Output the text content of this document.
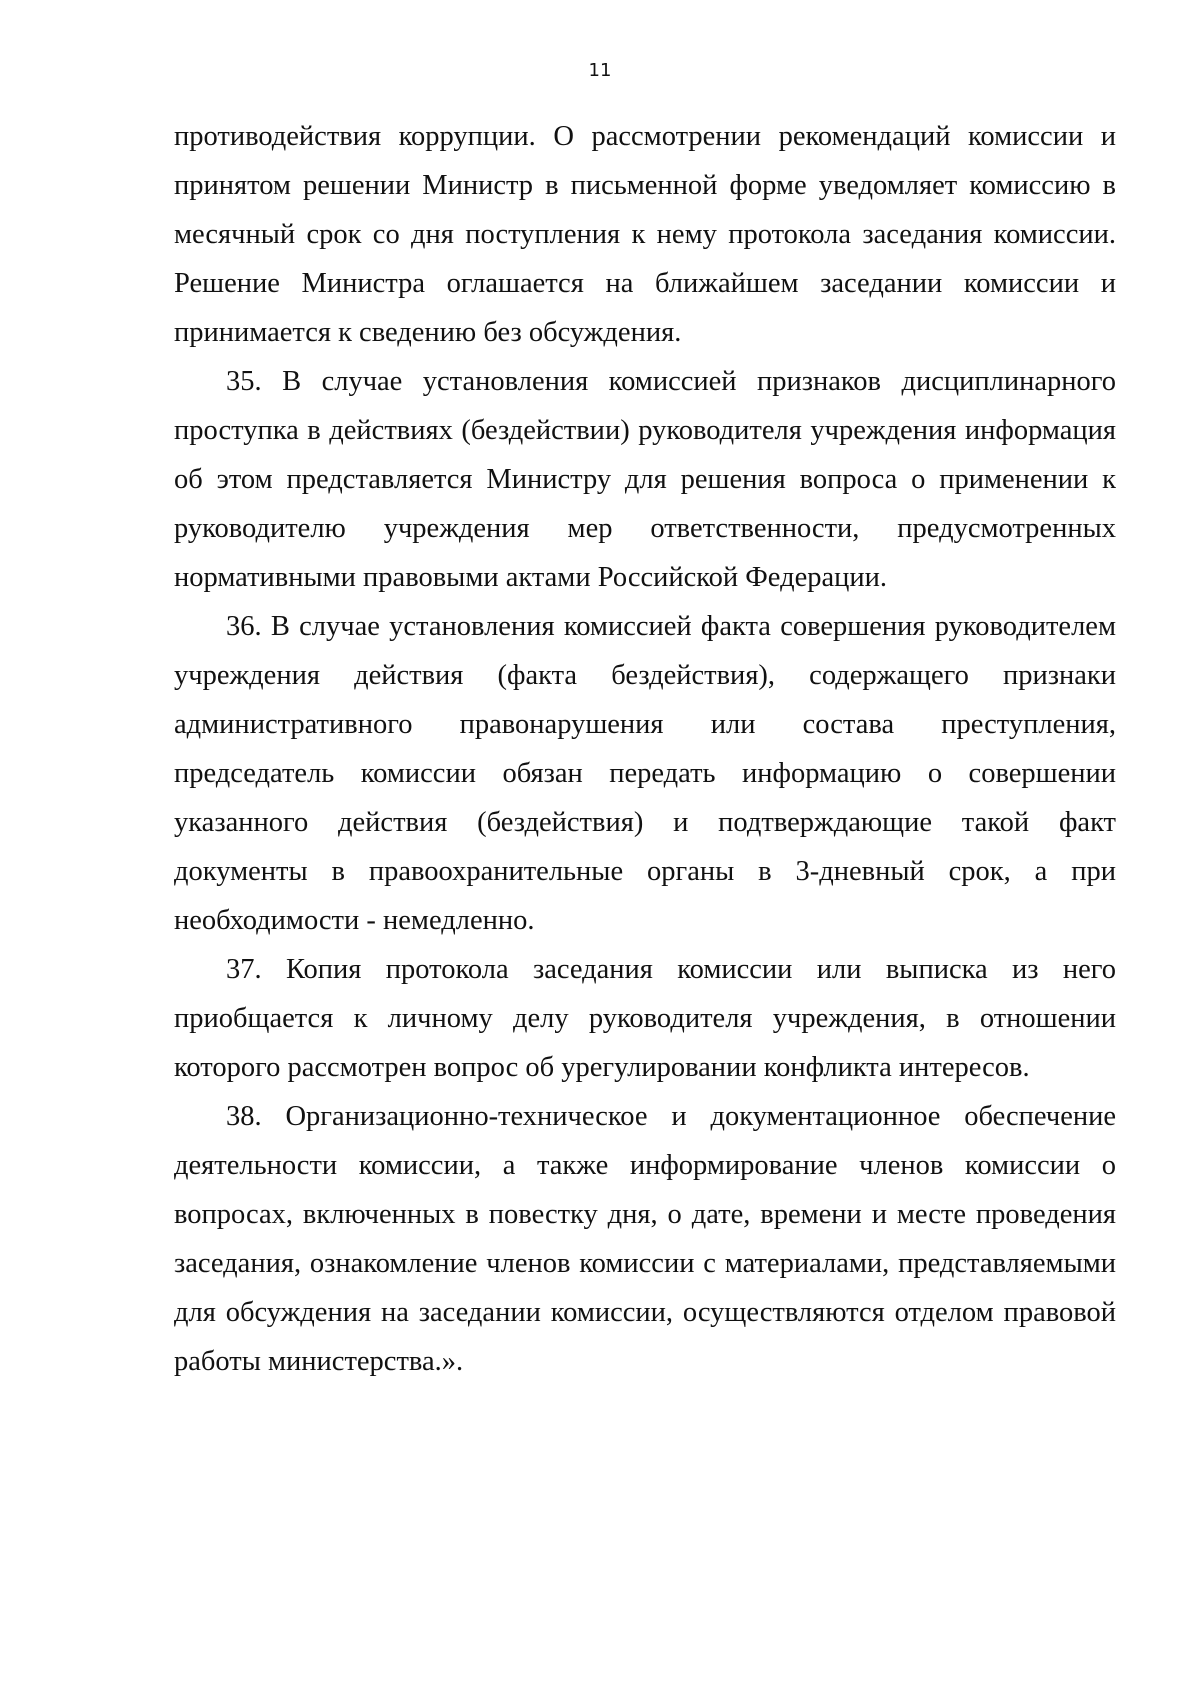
11

противодействия коррупции. О рассмотрении рекомендаций комиссии и принятом решении Министр в письменной форме уведомляет комиссию в месячный срок со дня поступления к нему протокола заседания комиссии. Решение Министра оглашается на ближайшем заседании комиссии и принимается к сведению без обсуждения.

35. В случае установления комиссией признаков дисциплинарного проступка в действиях (бездействии) руководителя учреждения информация об этом представляется Министру для решения вопроса о применении к руководителю учреждения мер ответственности, предусмотренных нормативными правовыми актами Российской Федерации.

36. В случае установления комиссией факта совершения руководителем учреждения действия (факта бездействия), содержащего признаки административного правонарушения или состава преступления, председатель комиссии обязан передать информацию о совершении указанного действия (бездействия) и подтверждающие такой факт документы в правоохранительные органы в 3-дневный срок, а при необходимости - немедленно.

37. Копия протокола заседания комиссии или выписка из него приобщается к личному делу руководителя учреждения, в отношении которого рассмотрен вопрос об урегулировании конфликта интересов.

38. Организационно-техническое и документационное обеспечение деятельности комиссии, а также информирование членов комиссии о вопросах, включенных в повестку дня, о дате, времени и месте проведения заседания, ознакомление членов комиссии с материалами, представляемыми для обсуждения на заседании комиссии, осуществляются отделом правовой работы министерства.».
